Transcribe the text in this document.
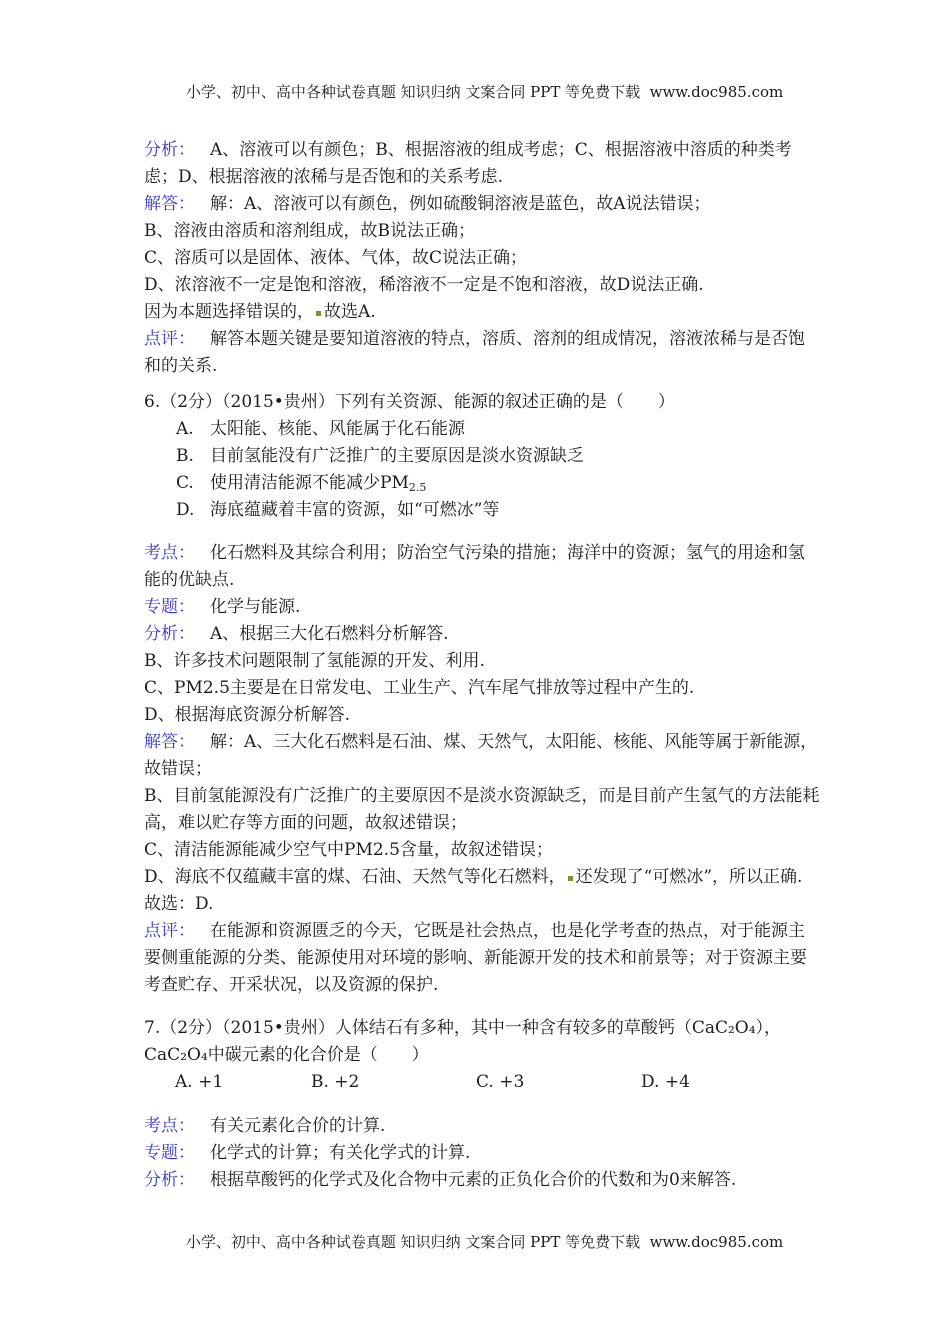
小学、初中、高中各种试卷真题 知识归纳 文案合同 PPT 等免费下载  www.doc985.com

分析： A、溶液可以有颜色；B、根据溶液的组成考虑；C、根据溶液中溶质的种类考虑；D、根据溶液的浓稀与是否饱和的关系考虑.
解答： 解：A、溶液可以有颜色，例如硫酸铜溶液是蓝色，故A说法错误；
B、溶液由溶质和溶剂组成，故B说法正确；
C、溶质可以是固体、液体、气体，故C说法正确；
D、浓溶液不一定是饱和溶液，稀溶液不一定是不饱和溶液，故D说法正确.
因为本题选择错误的， 故选A.
点评： 解答本题关键是要知道溶液的特点，溶质、溶剂的组成情况，溶液浓稀与是否饱和的关系.
6.（2分）（2015•贵州）下列有关资源、能源的叙述正确的是（　　）
A. 太阳能、核能、风能属于化石能源
B. 目前氢能没有广泛推广的主要原因是淡水资源缺乏
C. 使用清洁能源不能减少$PM_{2.5}$
D. 海底蕴藏着丰富的资源，如“可燃冰”等
考点： 化石燃料及其综合利用；防治空气污染的措施；海洋中的资源；氢气的用途和氢能的优缺点.
专题： 化学与能源.
分析： A、根据三大化石燃料分析解答.
B、许多技术问题限制了氢能源的开发、利用.
C、PM2.5主要是在日常发电、工业生产、汽车尾气排放等过程中产生的.
D、根据海底资源分析解答.
解答： 解：A、三大化石燃料是石油、煤、天然气，太阳能、核能、风能等属于新能源，故错误；
B、目前氢能源没有广泛推广的主要原因不是淡水资源缺乏，而是目前产生氢气的方法能耗高，难以贮存等方面的问题，故叙述错误；
C、清洁能源能减少空气中PM2.5含量，故叙述错误；
D、海底不仅蕴藏丰富的煤、石油、天然气等化石燃料， 还发现了“可燃冰”，所以正确.
故选：D.
点评： 在能源和资源匮乏的今天，它既是社会热点，也是化学考查的热点，对于能源主要侧重能源的分类、能源使用对环境的影响、新能源开发的技术和前景等；对于资源主要考查贮存、开采状况，以及资源的保护.
7.（2分）（2015•贵州）人体结石有多种，其中一种含有较多的草酸钙（CaC₂O₄），
CaC₂O₄中碳元素的化合价是（　　）
A. +1	B. +2	C. +3	D. +4
考点： 有关元素化合价的计算.
专题： 化学式的计算；有关化学式的计算.
分析： 根据草酸钙的化学式及化合物中元素的正负化合价的代数和为0来解答.

小学、初中、高中各种试卷真题 知识归纳 文案合同 PPT 等免费下载  www.doc985.com
